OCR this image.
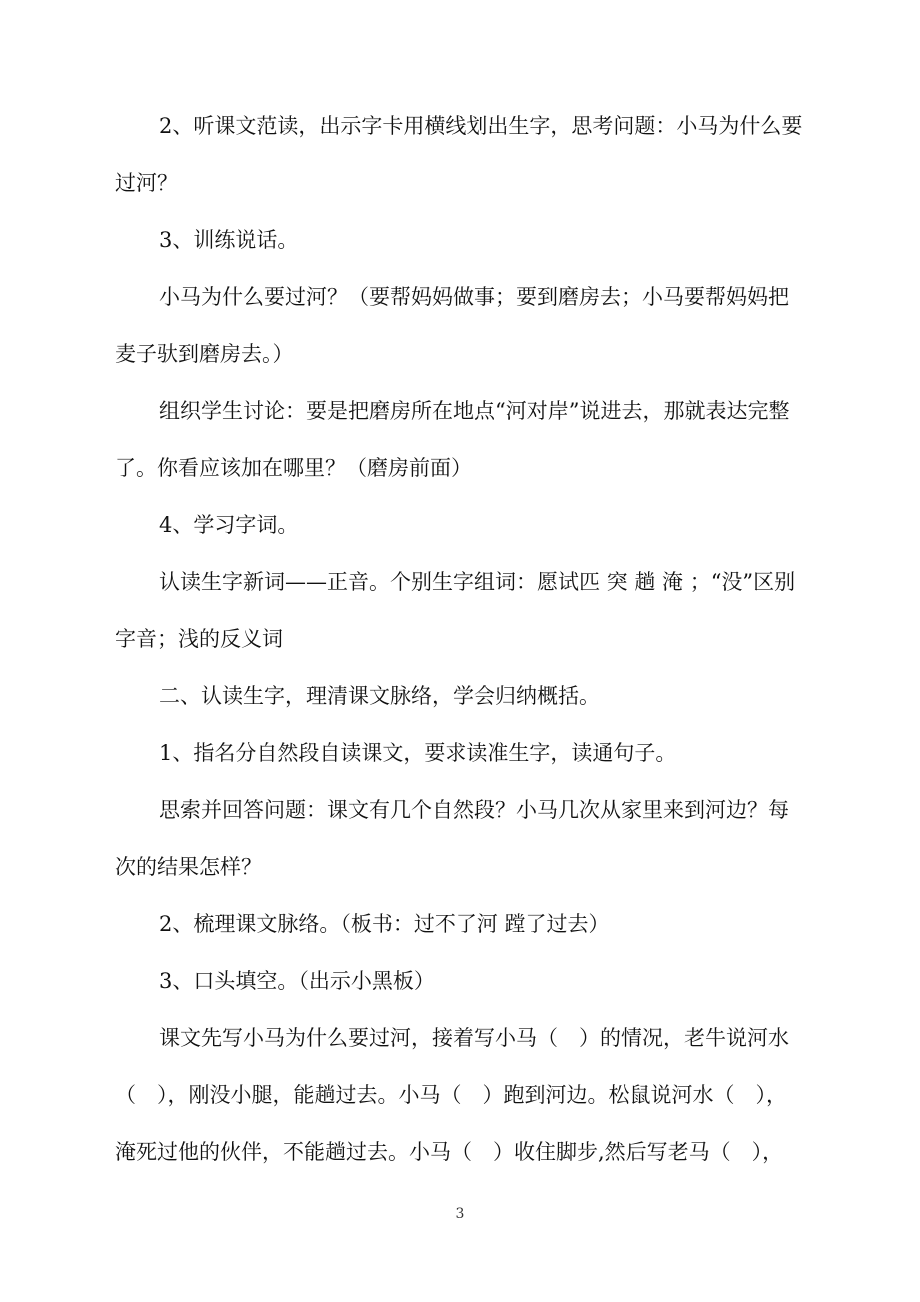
2、听课文范读，出示字卡用横线划出生字，思考问题：小马为什么要过河？

3、训练说话。

小马为什么要过河？（要帮妈妈做事；要到磨房去；小马要帮妈妈把麦子驮到磨房去。）

组织学生讨论：要是把磨房所在地点“河对岸”说进去，那就表达完整了。你看应该加在哪里？（磨房前面）

4、学习字词。

认读生字新词——正音。个别生字组词：愿试匹 突 趟 淹 ；“没”区别字音；浅的反义词

二、认读生字，理清课文脉络，学会归纳概括。

1、指名分自然段自读课文，要求读准生字，读通句子。

思索并回答问题：课文有几个自然段？小马几次从家里来到河边？每次的结果怎样？

2、梳理课文脉络。（板书：过不了河 蹚了过去）

3、口头填空。（出示小黑板）

课文先写小马为什么要过河，接着写小马（　）的情况，老牛说河水（　），刚没小腿，能趟过去。小马（　）跑到河边。松鼠说河水（　），淹死过他的伙伴，不能趟过去。小马（　）收住脚步,然后写老马（　），

3
